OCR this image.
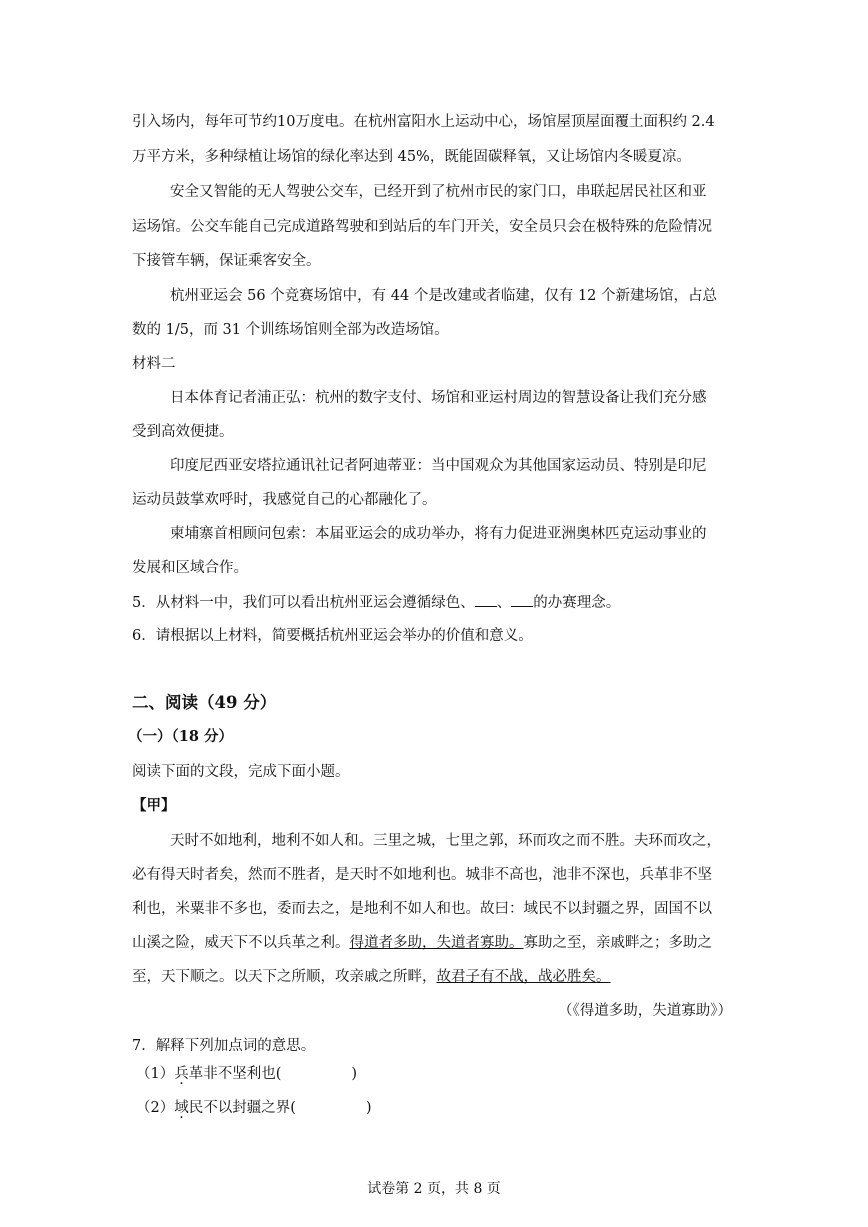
引入场内，每年可节约10万度电。在杭州富阳水上运动中心，场馆屋顶屋面覆土面积约 2.4
万平方米，多种绿植让场馆的绿化率达到 45%，既能固碳释氧，又让场馆内冬暖夏凉。
安全又智能的无人驾驶公交车，已经开到了杭州市民的家门口，串联起居民社区和亚
运场馆。公交车能自己完成道路驾驶和到站后的车门开关，安全员只会在极特殊的危险情况
下接管车辆，保证乘客安全。
杭州亚运会 56 个竞赛场馆中，有 44 个是改建或者临建，仅有 12 个新建场馆，占总
数的 1/5，而 31 个训练场馆则全部为改造场馆。
材料二
日本体育记者浦正弘：杭州的数字支付、场馆和亚运村周边的智慧设备让我们充分感
受到高效便捷。
印度尼西亚安塔拉通讯社记者阿迪蒂亚：当中国观众为其他国家运动员、特别是印尼
运动员鼓掌欢呼时，我感觉自己的心都融化了。
柬埔寨首相顾问包索：本届亚运会的成功举办，将有力促进亚洲奥林匹克运动事业的
发展和区域合作。
5．从材料一中，我们可以看出杭州亚运会遵循绿色、 、 的办赛理念。
6．请根据以上材料，简要概括杭州亚运会举办的价值和意义。
二、阅读（49 分）
（一）（18 分）
阅读下面的文段，完成下面小题。
【甲】
天时不如地利，地利不如人和。三里之城，七里之郭，环而攻之而不胜。夫环而攻之，
必有得天时者矣，然而不胜者，是天时不如地利也。城非不高也，池非不深也，兵革非不坚
利也，米粟非不多也，委而去之，是地利不如人和也。故曰：域民不以封疆之界，固国不以
山溪之险，威天下不以兵革之利。得道者多助，失道者寡助。寡助之至，亲戚畔之；多助之
至，天下顺之。以天下之所顺，攻亲戚之所畔，故君子有不战，战必胜矣。
（《得道多助，失道寡助》）
7．解释下列加点词的意思。
（1）兵革非不坚利也(	)
（2）域民不以封疆之界(	)
试卷第 2 页，共 8 页
